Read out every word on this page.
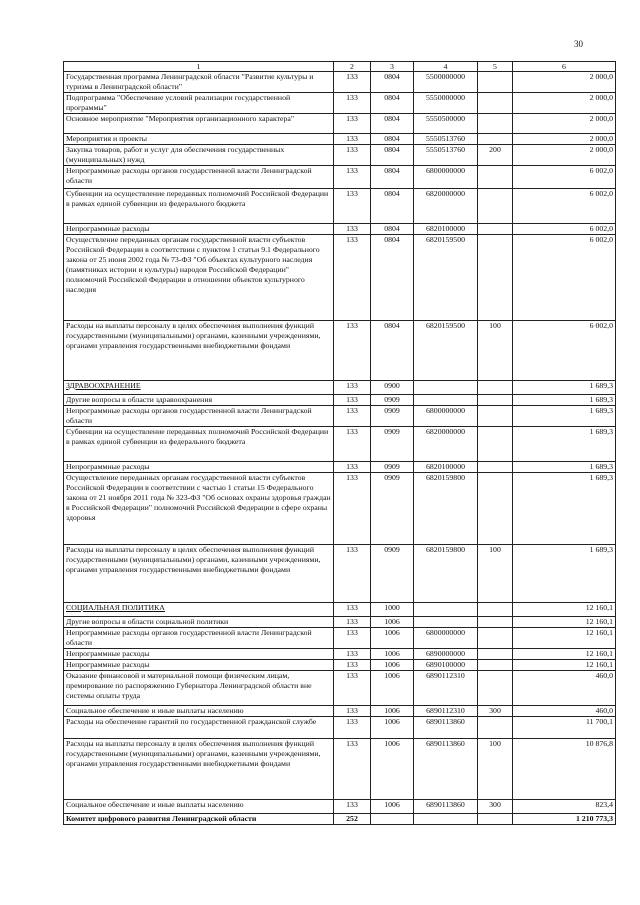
30
1	2	3	4	5	6
Государственная программа Ленинградской области "Развитие культуры и туризма в Ленинградской области"	133	0804	5500000000		2 000,0
Подпрограмма "Обеспечение условий реализации государственной программы"	133	0804	5550000000		2 000,0
Основное мероприятие "Мероприятия организационного характера"	133	0804	5550500000		2 000,0
Мероприятия и проекты	133	0804	5550513760		2 000,0
Закупка товаров, работ и услуг для обеспечения государственных (муниципальных) нужд	133	0804	5550513760	200	2 000,0
Непрограммные расходы органов государственной власти Ленинградской области	133	0804	6800000000		6 002,0
Субвенции на осуществление переданных полномочий Российской Федерации в рамках единой субвенции из федерального бюджета	133	0804	6820000000		6 002,0
Непрограммные расходы	133	0804	6820100000		6 002,0
Осуществление переданных органам государственной власти субъектов Российской Федерации в соответствии с пунктом 1 статьи 9.1 Федерального закона от 25 июня 2002 года № 73-ФЗ "Об объектах культурного наследия (памятниках истории и культуры) народов Российской Федерации" полномочий Российской Федерации в отношении объектов культурного наследия	133	0804	6820159500		6 002,0
Расходы на выплаты персоналу в целях обеспечения выполнения функций государственными (муниципальными) органами, казенными учреждениями, органами управления государственными внебюджетными фондами	133	0804	6820159500	100	6 002,0
ЗДРАВООХРАНЕНИЕ	133	0900			1 689,3
Другие вопросы в области здравоохранения	133	0909			1 689,3
Непрограммные расходы органов государственной власти Ленинградской области	133	0909	6800000000		1 689,3
Субвенции на осуществление переданных полномочий Российской Федерации в рамках единой субвенции из федерального бюджета	133	0909	6820000000		1 689,3
Непрограммные расходы	133	0909	6820100000		1 689,3
Осуществление переданных органам государственной власти субъектов Российской Федерации в соответствии с частью 1 статьи 15 Федерального закона от 21 ноября 2011 года № 323-ФЗ "Об основах охраны здоровья граждан в Российской Федерации" полномочий Российской Федерации в сфере охраны здоровья	133	0909	6820159800		1 689,3
Расходы на выплаты персоналу в целях обеспечения выполнения функций государственными (муниципальными) органами, казенными учреждениями, органами управления государственными внебюджетными фондами	133	0909	6820159800	100	1 689,3
СОЦИАЛЬНАЯ ПОЛИТИКА	133	1000			12 160,1
Другие вопросы в области социальной политики	133	1006			12 160,1
Непрограммные расходы органов государственной власти Ленинградской области	133	1006	6800000000		12 160,1
Непрограммные расходы	133	1006	6890000000		12 160,1
Непрограммные расходы	133	1006	6890100000		12 160,1
Оказание финансовой и материальной помощи физическим лицам, премирование по распоряжению Губернатора Ленинградской области вне системы оплаты труда	133	1006	6890112310		460,0
Социальное обеспечение и иные выплаты населению	133	1006	6890112310	300	460,0
Расходы на обеспечение гарантий по государственной гражданской службе	133	1006	6890113860		11 700,1
Расходы на выплаты персоналу в целях обеспечения выполнения функций государственными (муниципальными) органами, казенными учреждениями, органами управления государственными внебюджетными фондами	133	1006	6890113860	100	10 876,8
Социальное обеспечение и иные выплаты населению	133	1006	6890113860	300	823,4
Комитет цифрового развития Ленинградской области	252				1 210 773,3
